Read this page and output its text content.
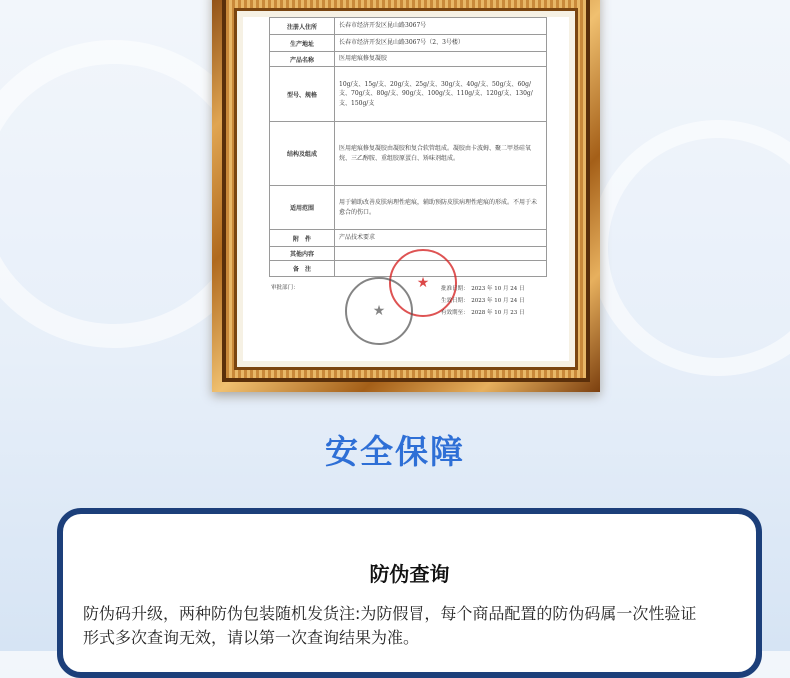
注册人住所	长春市经济开发区昆山路3067号
生产地址	长春市经济开发区昆山路3067号（2、3号楼）
产品名称	医用疤痕修复凝胶
型号、规格	10g/支、15g/支、20g/支、25g/支、30g/支、40g/支、50g/支、60g/支、70g/支、80g/支、90g/支、100g/支、110g/支、120g/支、130g/支、150g/支
结构及组成	医用疤痕修复凝胶由凝胶和复合软管组成。凝胶由卡波姆、聚二甲基硅氧烷、三乙醇胺、重组胶原蛋白、矫味剂组成。
适用范围	用于辅助改善皮肤病理性疤痕，辅助预防皮肤病理性疤痕的形成。不用于未愈合的伤口。
附　件	产品技术要求
其他内容	
备　注	
★
审批部门：
★
批准日期：　2023 年 10 月 24 日
生效日期：　2023 年 10 月 24 日
有效期至：　2028 年 10 月 23 日
安全保障
防伪查询
防伪码升级，两种防伪包装随机发货注:为防假冒，每个商品配置的防伪码属一次性验证形式多次查询无效，请以第一次查询结果为准。
